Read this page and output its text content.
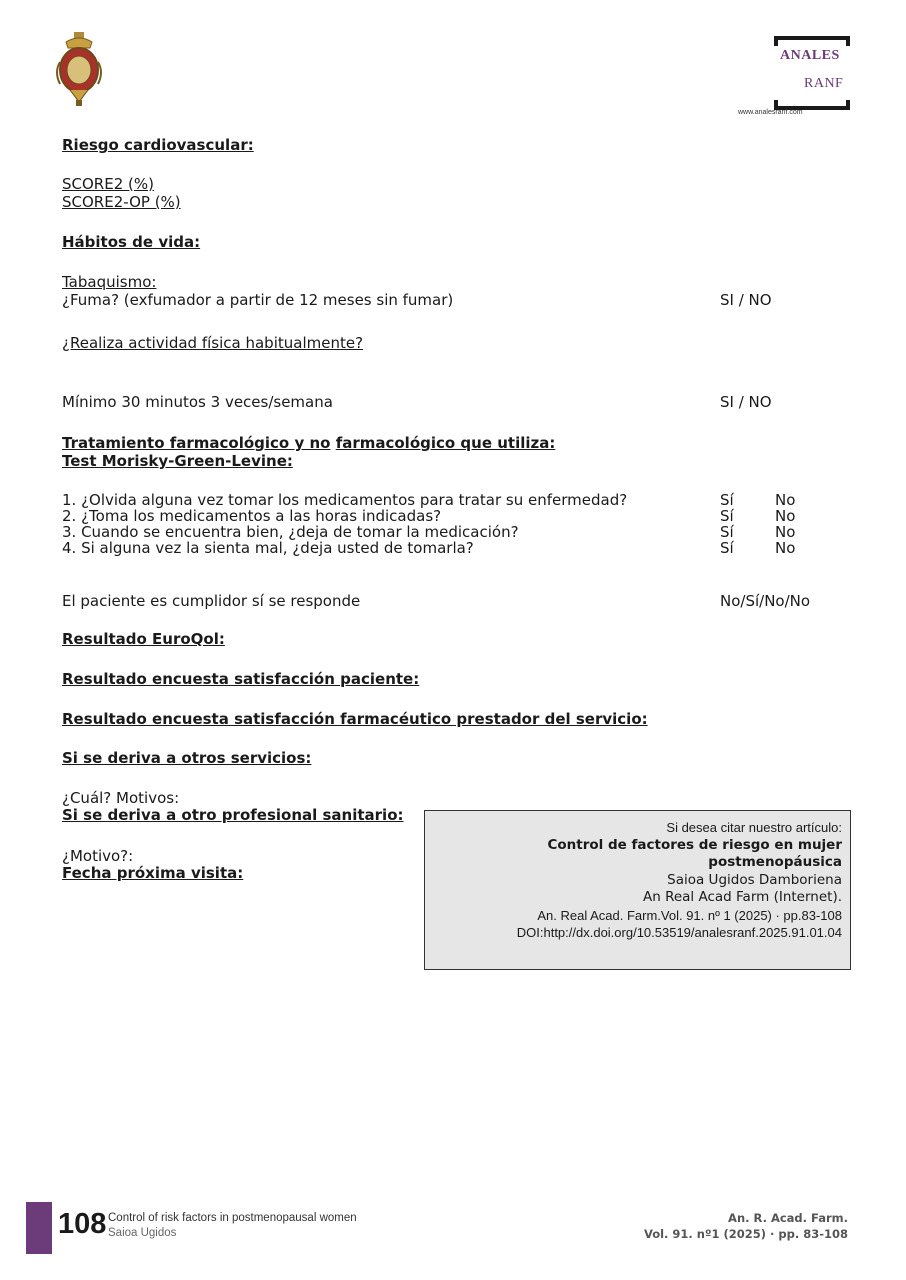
ANALES
RANF
www.analesranf.com
Riesgo cardiovascular:
SCORE2 (%)
SCORE2-OP (%)
Hábitos de vida:
Tabaquismo:
¿Fuma? (exfumador a partir de 12 meses sin fumar)	SI / NO
¿Realiza actividad física habitualmente?
Mínimo 30 minutos 3 veces/semana	SI / NO
Tratamiento farmacológico y no farmacológico que utiliza:
Test Morisky-Green-Levine:
1. ¿Olvida alguna vez tomar los medicamentos para tratar su enfermedad?	Sí	No
2. ¿Toma los medicamentos a las horas indicadas?	Sí	No
3. Cuando se encuentra bien, ¿deja de tomar la medicación?	Sí	No
4. Si alguna vez la sienta mal, ¿deja usted de tomarla?	Sí	No
El paciente es cumplidor sí se responde	No/Sí/No/No
Resultado EuroQol:
Resultado encuesta satisfacción paciente:
Resultado encuesta satisfacción farmacéutico prestador del servicio:
Si se deriva a otros servicios:
¿Cuál? Motivos:
Si se deriva a otro profesional sanitario:
¿Motivo?:
Fecha próxima visita:
Si desea citar nuestro artículo:
Control de factores de riesgo en mujer
postmenopáusica
Saioa Ugidos Damboriena
An Real Acad Farm (Internet).
An. Real Acad. Farm.Vol. 91. nº 1 (2025) · pp.83-108
DOI:http://dx.doi.org/10.53519/analesranf.2025.91.01.04
108 Control of risk factors in postmenopausal women
Saioa Ugidos
An. R. Acad. Farm.
Vol. 91. nº1 (2025) · pp. 83-108
